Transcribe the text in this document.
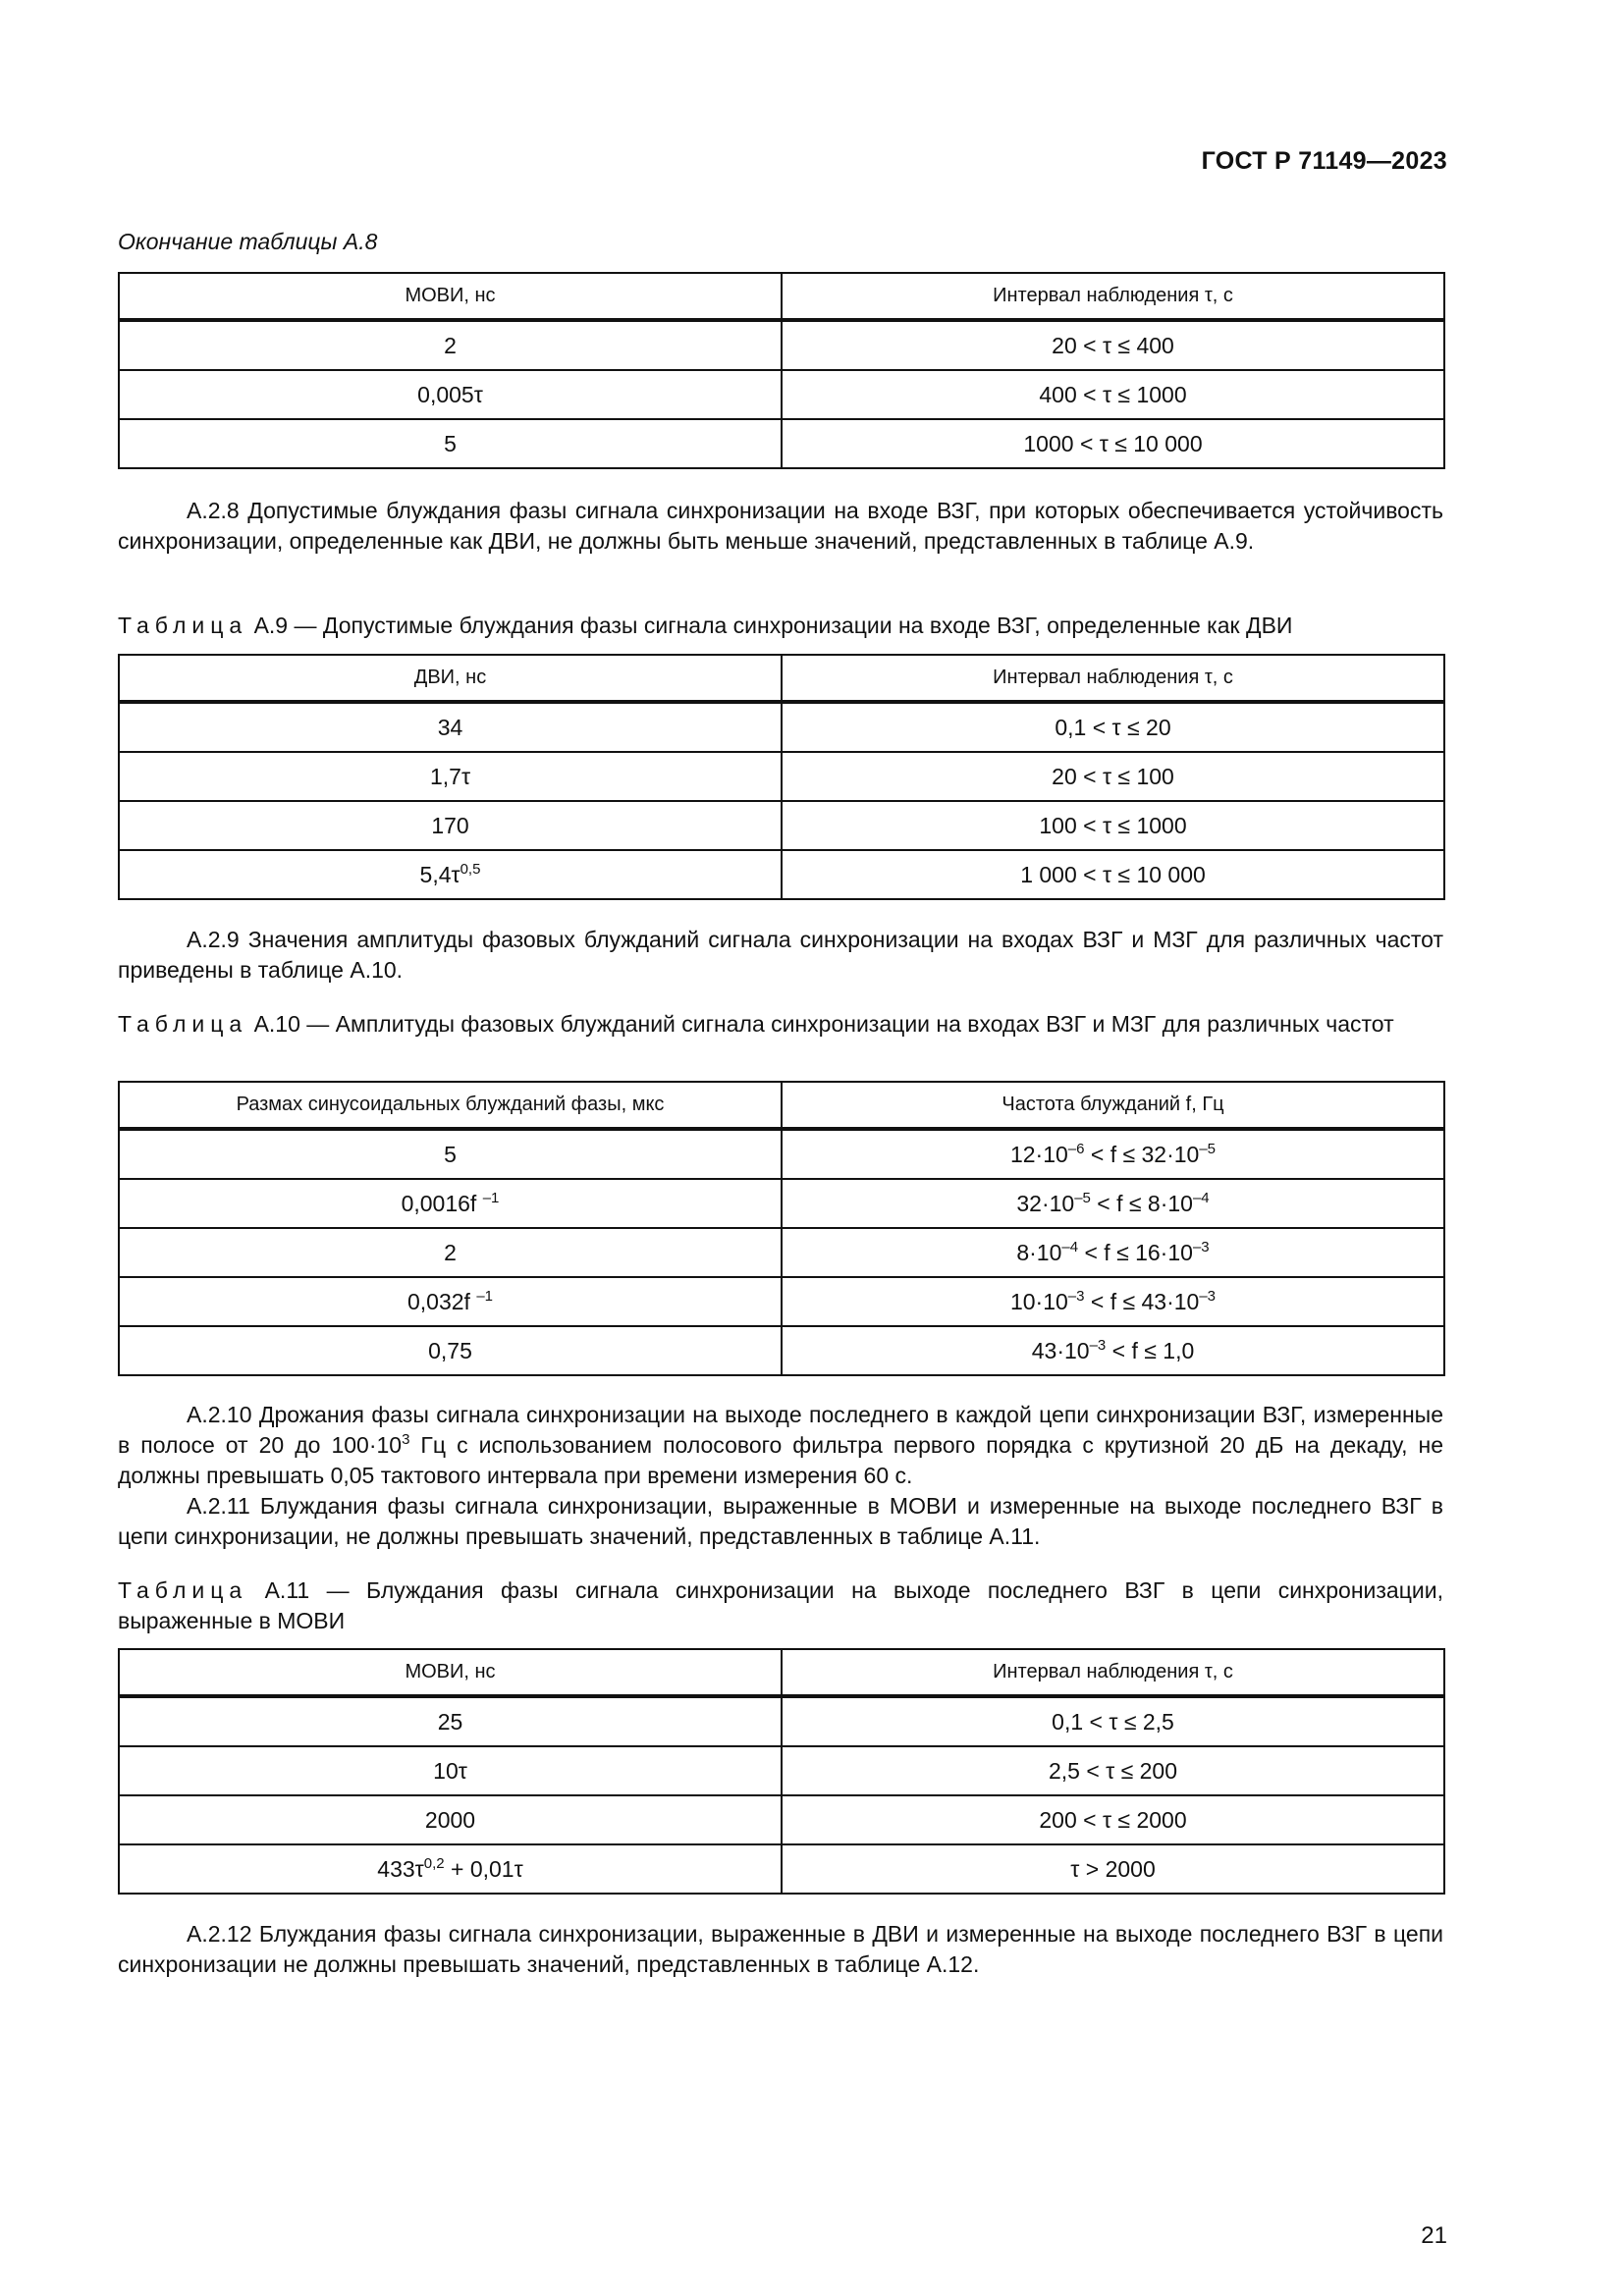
ГОСТ Р 71149—2023
Окончание таблицы А.8
МОВИ, нс	Интервал наблюдения τ, с
2	20 < τ ≤ 400
0,005τ	400 < τ ≤ 1000
5	1000 < τ ≤ 10 000
А.2.8 Допустимые блуждания фазы сигнала синхронизации на входе ВЗГ, при которых обеспечивается устойчивость синхронизации, определенные как ДВИ, не должны быть меньше значений, представленных в таблице А.9.
Таблица А.9 — Допустимые блуждания фазы сигнала синхронизации на входе ВЗГ, определенные как ДВИ
ДВИ, нс	Интервал наблюдения τ, с
34	0,1 < τ ≤ 20
1,7τ	20 < τ ≤ 100
170	100 < τ ≤ 1000
$5,4\tau^{0,5}$	1 000 < τ ≤ 10 000
А.2.9 Значения амплитуды фазовых блужданий сигнала синхронизации на входах ВЗГ и МЗГ для различных частот приведены в таблице А.10.
Таблица А.10 — Амплитуды фазовых блужданий сигнала синхронизации на входах ВЗГ и МЗГ для различных частот
Размах синусоидальных блужданий фазы, мкс	Частота блужданий f, Гц
5	$12\cdot 10^{-6} < f \le 32\cdot 10^{-5}$
0,0016f $^{-1}$	$32\cdot 10^{-5} < f \le 8\cdot 10^{-4}$
2	$8\cdot 10^{-4} < f \le 16\cdot 10^{-3}$
0,032f $^{-1}$	$10\cdot 10^{-3} < f \le 43\cdot 10^{-3}$
0,75	$43\cdot 10^{-3} < f \le 1,0$
А.2.10 Дрожания фазы сигнала синхронизации на выходе последнего в каждой цепи синхронизации ВЗГ, измеренные в полосе от 20 до $100\cdot 10^3$ Гц с использованием полосового фильтра первого порядка с крутизной 20 дБ на декаду, не должны превышать 0,05 тактового интервала при времени измерения 60 с.
А.2.11 Блуждания фазы сигнала синхронизации, выраженные в МОВИ и измеренные на выходе последнего ВЗГ в цепи синхронизации, не должны превышать значений, представленных в таблице А.11.
Таблица А.11 — Блуждания фазы сигнала синхронизации на выходе последнего ВЗГ в цепи синхронизации, выраженные в МОВИ
МОВИ, нс	Интервал наблюдения τ, с
25	0,1 < τ ≤ 2,5
10τ	2,5 < τ ≤ 200
2000	200 < τ ≤ 2000
$433\tau^{0,2} + 0,01\tau$	τ > 2000
А.2.12 Блуждания фазы сигнала синхронизации, выраженные в ДВИ и измеренные на выходе последнего ВЗГ в цепи синхронизации не должны превышать значений, представленных в таблице А.12.
21
